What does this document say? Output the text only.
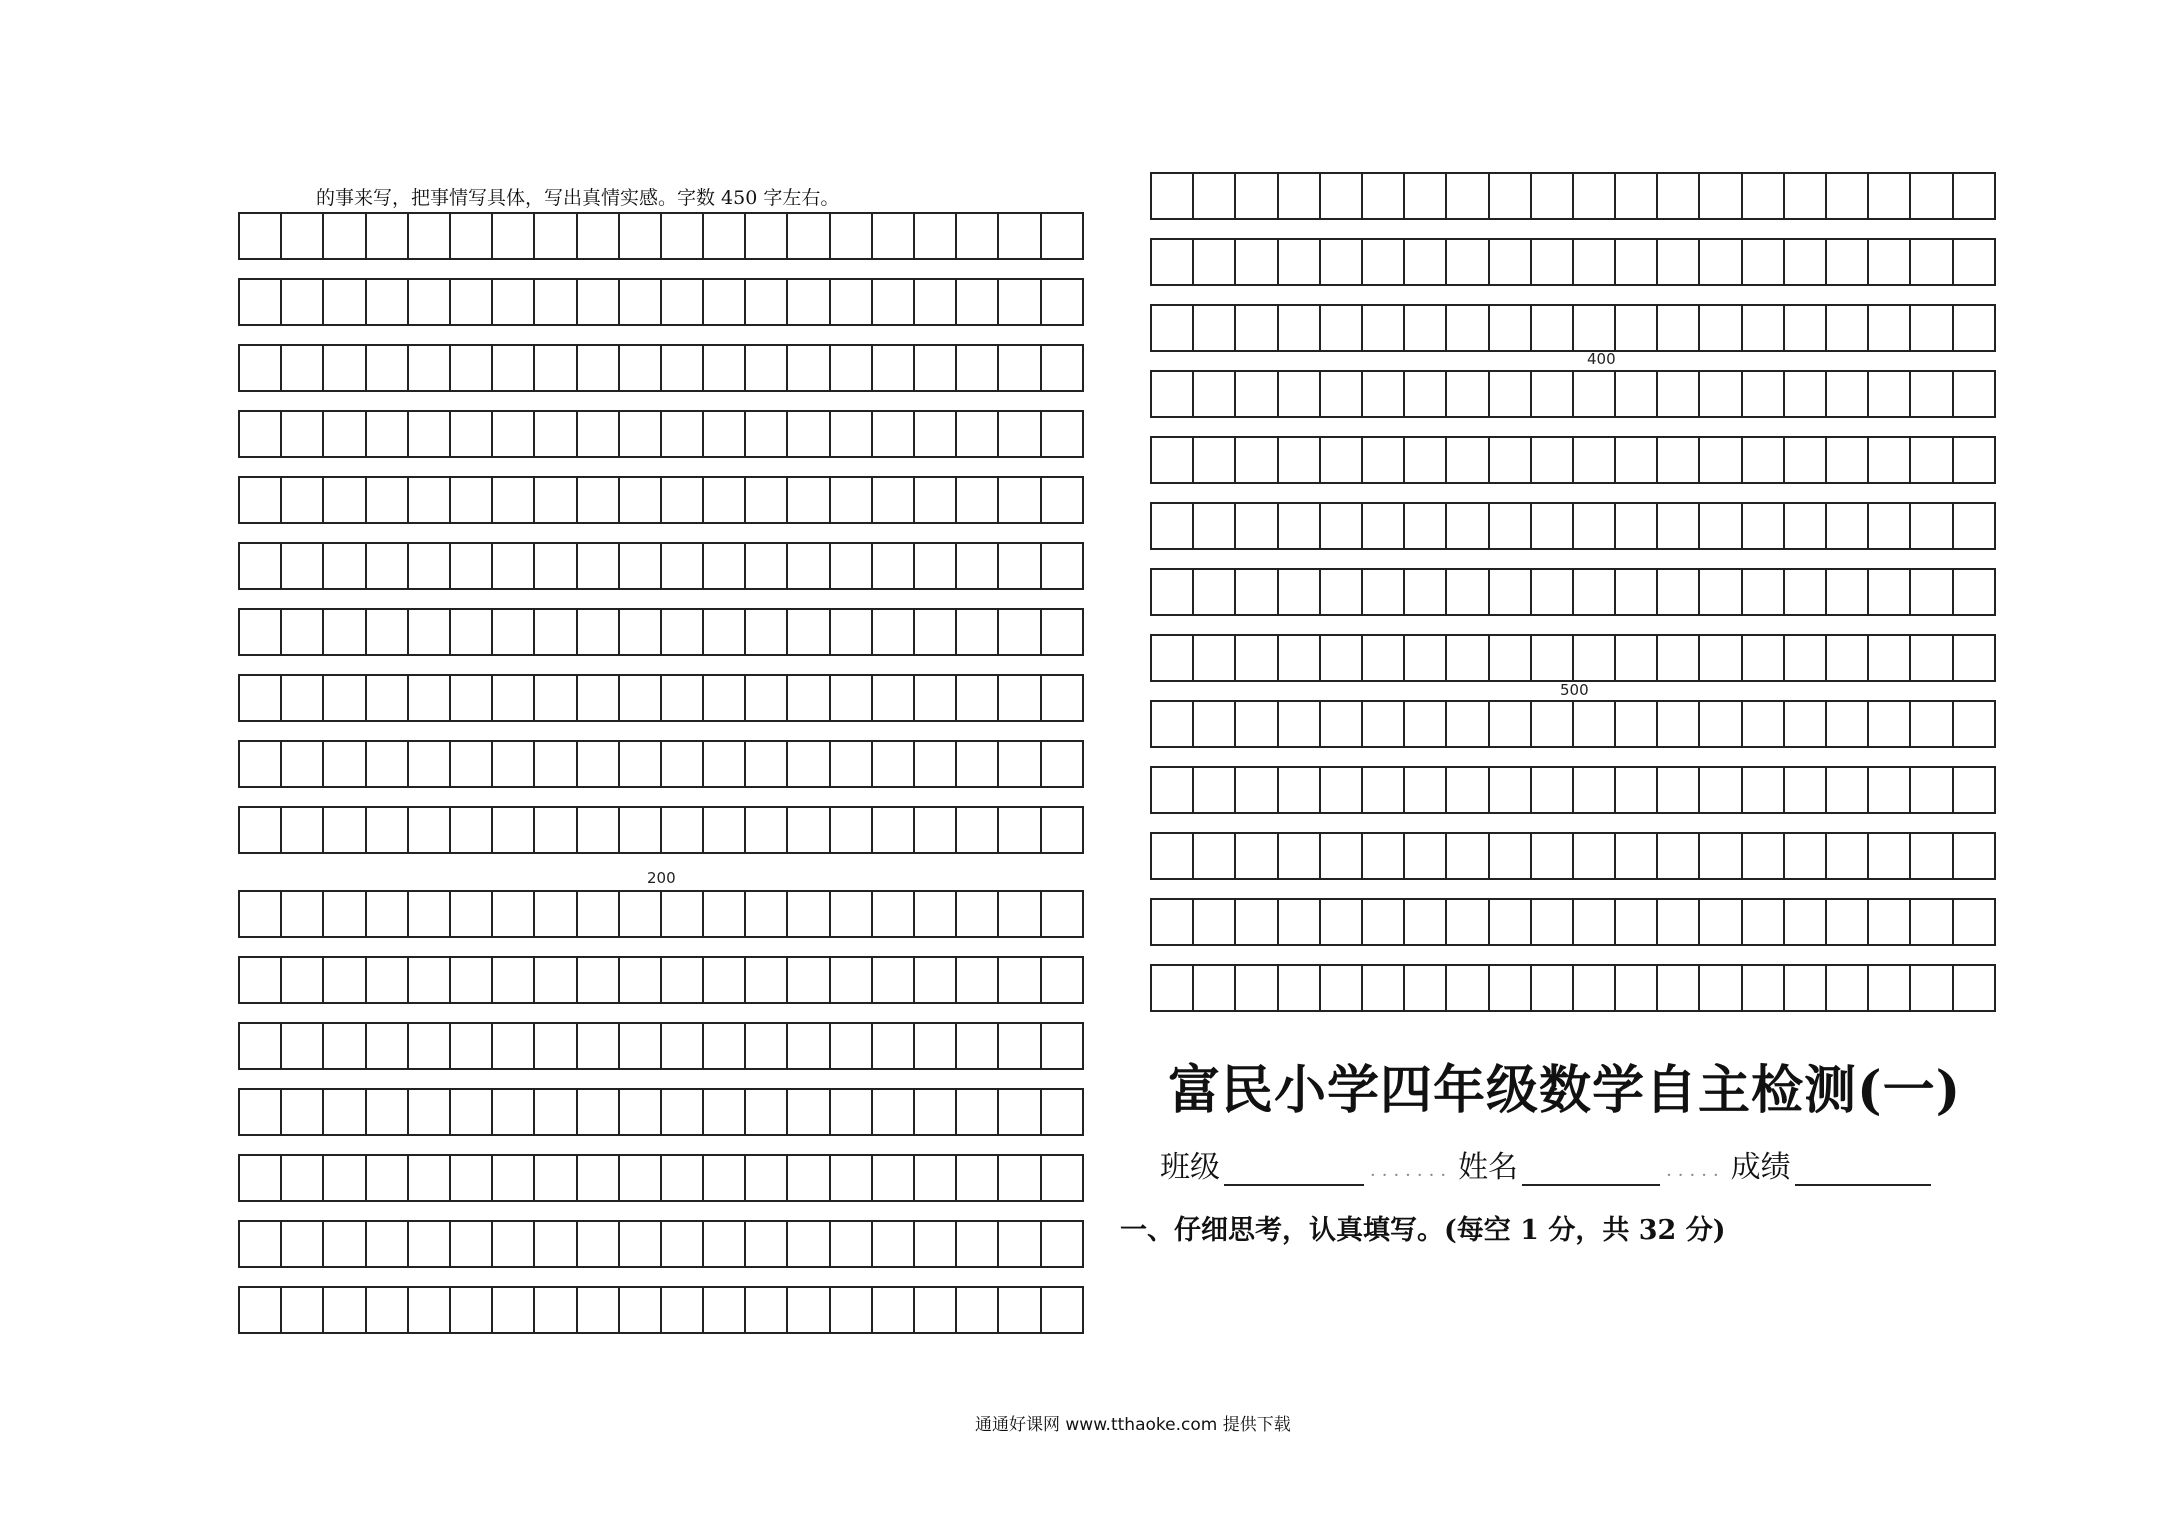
的事来写，把事情写具体，写出真情实感。字数 450 字左右。
200
400
500
富民小学四年级数学自主检测(一)
班级	······· 姓名	····· 成绩
一、仔细思考，认真填写。(每空 1 分，共 32 分)
通通好课网 www.tthaoke.com 提供下载
